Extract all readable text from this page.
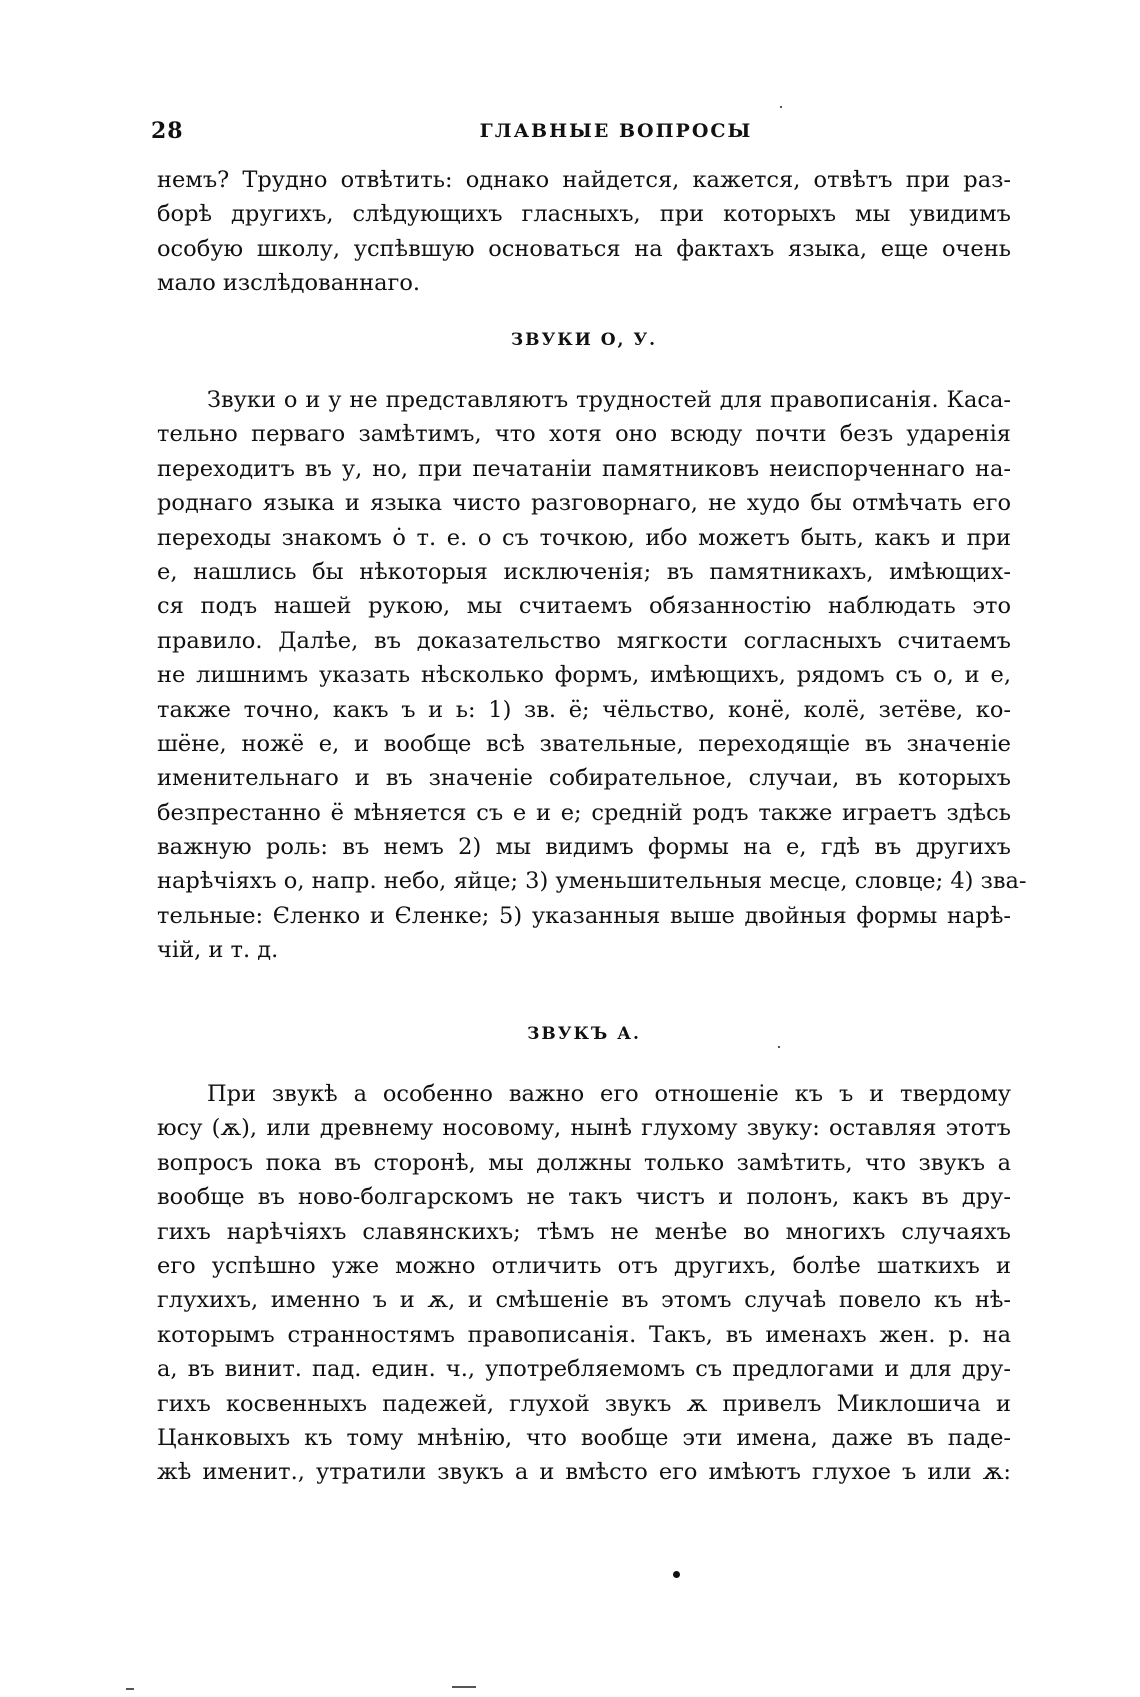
28	ГЛАВНЫЕ ВОПРОСЫ
немъ? Трудно отвѣтить: однако найдется, кажется, отвѣтъ при раз-
борѣ другихъ, слѣдующихъ гласныхъ, при которыхъ мы увидимъ
особую школу, успѣвшую основаться на фактахъ языка, еще очень
мало изслѣдованнаго.
ЗВУКИ О, У.
Звуки о и у не представляютъ трудностей для правописанія. Каса-
тельно перваго замѣтимъ, что хотя оно всюду почти безъ ударенія
переходитъ въ у, но, при печатаніи памятниковъ неиспорченнаго на-
роднаго языка и языка чисто разговорнаго, не худо бы отмѣчать его
переходы знакомъ ȯ т. е. о съ точкою, ибо можетъ быть, какъ и при
е, нашлись бы нѣкоторыя исключенія; въ памятникахъ, имѣющих-
ся подъ нашей рукою, мы считаемъ обязанностію наблюдать это
правило. Далѣе, въ доказательство мягкости согласныхъ считаемъ
не лишнимъ указать нѣсколько формъ, имѣющихъ, рядомъ съ о, и е,
также точно, какъ ъ и ь: 1) зв. ё; чёльство, конё, колё, зетёве, ко-
шёне, ножё е, и вообще всѣ звательные, переходящіе въ значеніе
именительнаго и въ значеніе собирательное, случаи, въ которыхъ
безпрестанно ё мѣняется съ е и е; средній родъ также играетъ здѣсь
важную роль: въ немъ 2) мы видимъ формы на е, гдѣ въ другихъ
нарѣчіяхъ о, напр. небо, яйце; 3) уменьшительныя месце, словце; 4) зва-
тельные: Єленко и Єленке; 5) указанныя выше двойныя формы нарѣ-
чій, и т. д.
ЗВУКЪ А.
При звукѣ а особенно важно его отношеніе къ ъ и твердому
юсу (ѫ), или древнему носовому, нынѣ глухому звуку: оставляя этотъ
вопросъ пока въ сторонѣ, мы должны только замѣтить, что звукъ а
вообще въ ново-болгарскомъ не такъ чистъ и полонъ, какъ въ дру-
гихъ нарѣчіяхъ славянскихъ; тѣмъ не менѣе во многихъ случаяхъ
его успѣшно уже можно отличить отъ другихъ, болѣе шаткихъ и
глухихъ, именно ъ и ѫ, и смѣшеніе въ этомъ случаѣ повело къ нѣ-
которымъ странностямъ правописанія. Такъ, въ именахъ жен. р. на
а, въ винит. пад. един. ч., употребляемомъ съ предлогами и для дру-
гихъ косвенныхъ падежей, глухой звукъ ѫ привелъ Миклошича и
Цанковыхъ къ тому мнѣнію, что вообще эти имена, даже въ паде-
жѣ именит., утратили звукъ а и вмѣсто его имѣютъ глухое ъ или ѫ:
